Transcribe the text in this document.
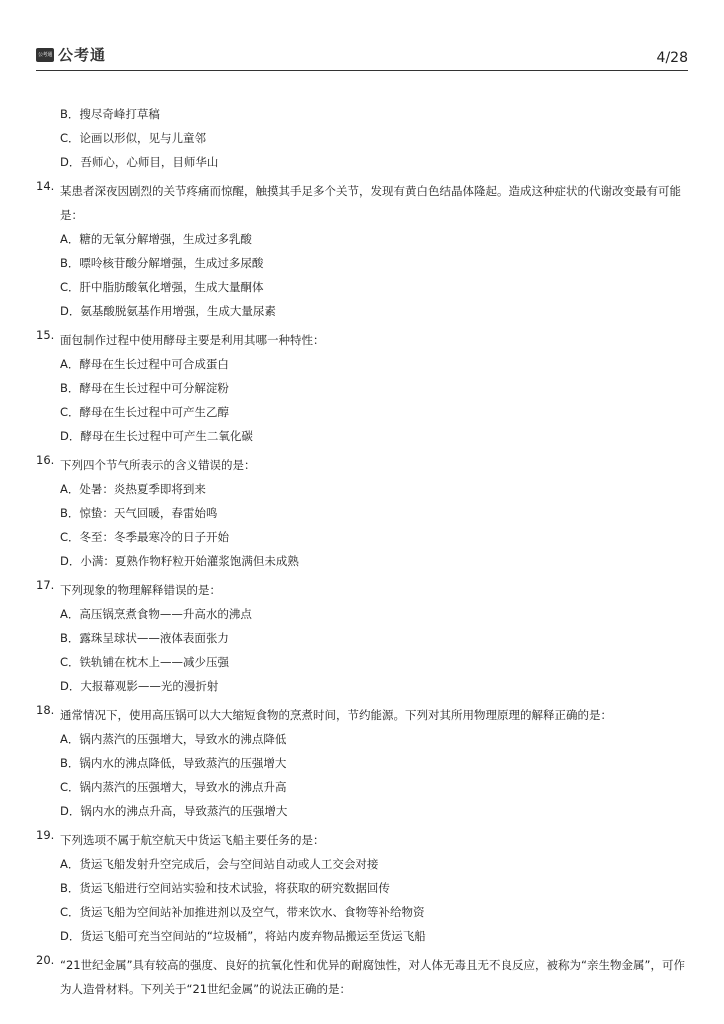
公考通 公考通	4/28
B．搜尽奇峰打草稿
C．论画以形似，见与儿童邻
D．吾师心，心师目，目师华山
14. 某患者深夜因剧烈的关节疼痛而惊醒，触摸其手足多个关节，发现有黄白色结晶体隆起。造成这种症状的代谢改变最有可能是：
A．糖的无氧分解增强，生成过多乳酸
B．嘌呤核苷酸分解增强，生成过多尿酸
C．肝中脂肪酸氧化增强，生成大量酮体
D．氨基酸脱氨基作用增强，生成大量尿素
15. 面包制作过程中使用酵母主要是利用其哪一种特性：
A．酵母在生长过程中可合成蛋白
B．酵母在生长过程中可分解淀粉
C．酵母在生长过程中可产生乙醇
D．酵母在生长过程中可产生二氧化碳
16. 下列四个节气所表示的含义错误的是：
A．处暑：炎热夏季即将到来
B．惊蛰：天气回暖，春雷始鸣
C．冬至：冬季最寒冷的日子开始
D．小满：夏熟作物籽粒开始灌浆饱满但未成熟
17. 下列现象的物理解释错误的是：
A．高压锅烹煮食物——升高水的沸点
B．露珠呈球状——液体表面张力
C．铁轨铺在枕木上——减少压强
D．大报幕观影——光的漫折射
18. 通常情况下，使用高压锅可以大大缩短食物的烹煮时间，节约能源。下列对其所用物理原理的解释正确的是：
A．锅内蒸汽的压强增大，导致水的沸点降低
B．锅内水的沸点降低，导致蒸汽的压强增大
C．锅内蒸汽的压强增大，导致水的沸点升高
D．锅内水的沸点升高，导致蒸汽的压强增大
19. 下列选项不属于航空航天中货运飞船主要任务的是：
A．货运飞船发射升空完成后，会与空间站自动或人工交会对接
B．货运飞船进行空间站实验和技术试验，将获取的研究数据回传
C．货运飞船为空间站补加推进剂以及空气，带来饮水、食物等补给物资
D．货运飞船可充当空间站的“垃圾桶”，将站内废弃物品搬运至货运飞船
20. “21世纪金属”具有较高的强度、良好的抗氧化性和优异的耐腐蚀性，对人体无毒且无不良反应，被称为“亲生物金属”，可作为人造骨材料。下列关于“21世纪金属”的说法正确的是：
